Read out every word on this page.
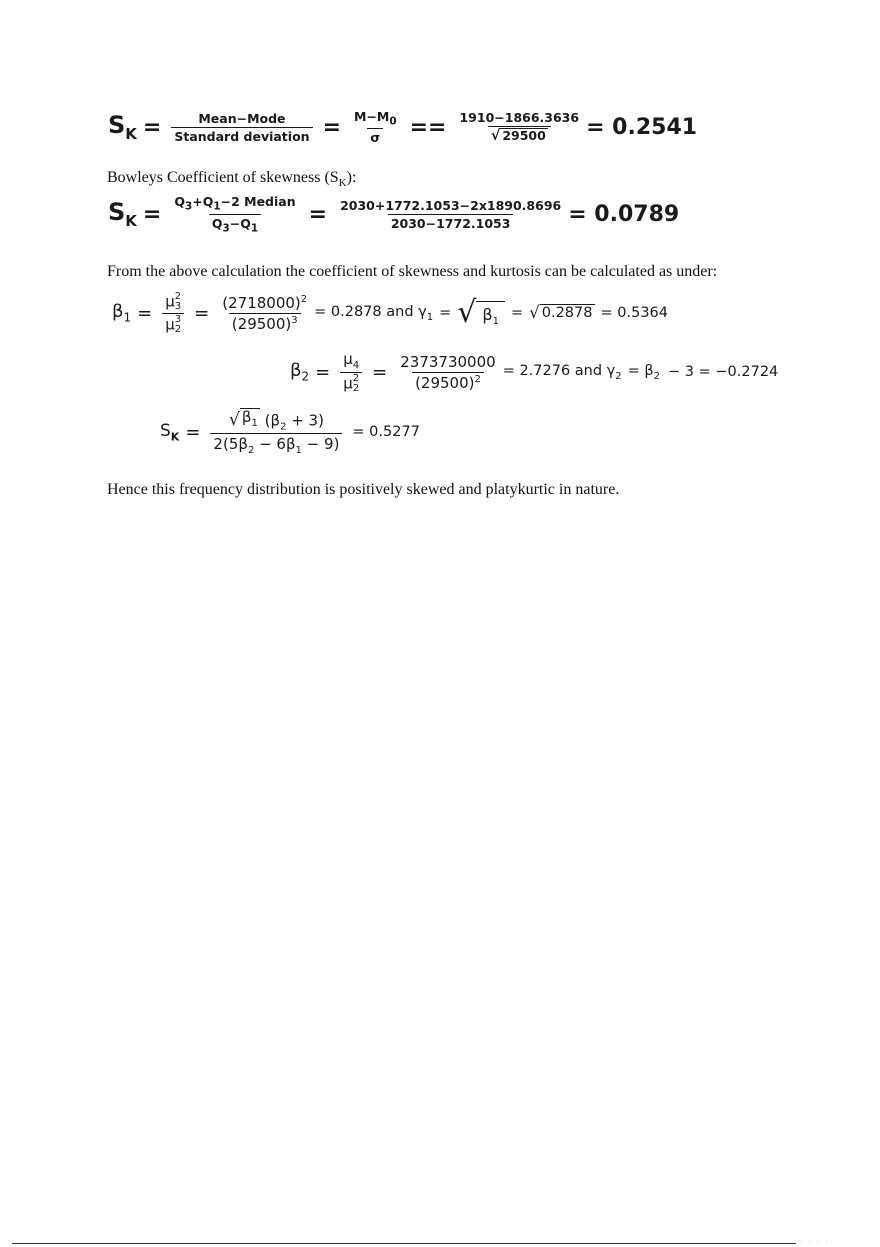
$S_K = \frac{\text{Mean−Mode}}{\text{Standard deviation}} = \frac{M-M_0}{\sigma} == \frac{1910-1866.3636}{√ 29500} = 0.2541$
Bowleys Coefficient of skewness $(S_K)$:
$S_K = \frac{Q_3+Q_1-2 Median}{Q_3-Q_1} = \frac{2030+1772.1053-2x1890.8696}{2030-1772.1053} = 0.0789$
From the above calculation the coefficient of skewness and kurtosis can be calculated as under:
$\beta_1 = \mu$ 2
3
μ 3
$2 = \frac{(2718000)^2}{(29500)^3} = 0.2878$ and $\gamma_1$ = √ $\beta_1$
= √ 0.2878 = 0.5364
$\beta_2 = \mu_4$
μ 2
$2 = \frac{2373730000}{(29500)^2} = 2.7276$ and $\gamma_2 = \beta_2 - 3 = -0.2724$
$S_K = \frac{√ \beta_1 (\beta_2 + 3)}{2(5\beta_2 - 6\beta_1 - 9)} = 0.5277$
Hence this frequency distribution is positively skewed and platykurtic in nature.
· · · ·
